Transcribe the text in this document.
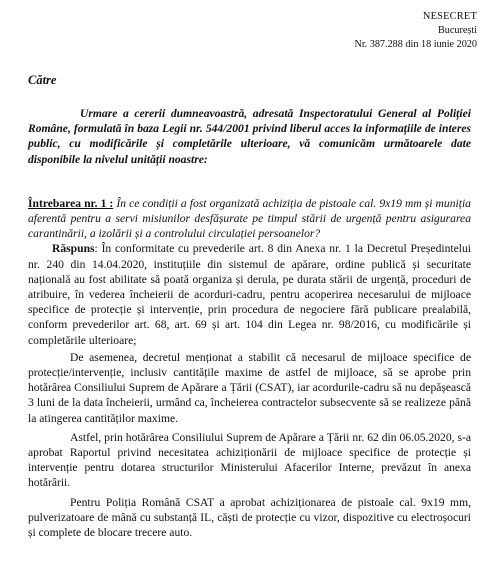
NESECRET
București
Nr. 387.288 din 18 iunie 2020
Către

Urmare a cererii dumneavoastră, adresată Inspectoratului General al Poliției Române, formulată în baza Legii nr. 544/2001 privind liberul acces la informațiile de interes public, cu modificările și completările ulterioare, vă comunicăm următoarele date disponibile la nivelul unității noastre:

Întrebarea nr. 1 : În ce condiții a fost organizată achiziția de pistoale cal. 9x19 mm și muniția aferentă pentru a servi misiunilor desfășurate pe timpul stării de urgență pentru asigurarea carantinării, a izolării și a controlului circulației persoanelor?

Răspuns: În conformitate cu prevederile art. 8 din Anexa nr. 1 la Decretul Președintelui nr. 240 din 14.04.2020, instituțiile din sistemul de apărare, ordine publică și securitate națională au fost abilitate să poată organiza și derula, pe durata stării de urgență, proceduri de atribuire, în vederea încheierii de acorduri-cadru, pentru acoperirea necesarului de mijloace specifice de protecție și intervenție, prin procedura de negociere fără publicare prealabilă, conform prevederilor art. 68, art. 69 și art. 104 din Legea nr. 98/2016, cu modificările și completările ulterioare;

De asemenea, decretul menționat a stabilit că necesarul de mijloace specifice de protecție/intervenție, inclusiv cantitățile maxime de astfel de mijloace, să se aprobe prin hotărârea Consiliului Suprem de Apărare a Țării (CSAT), iar acordurile-cadru să nu depășească 3 luni de la data încheierii, urmând ca, încheierea contractelor subsecvente să se realizeze până la atingerea cantităților maxime.

Astfel, prin hotărârea Consiliului Suprem de Apărare a Țării nr. 62 din 06.05.2020, s-a aprobat Raportul privind necesitatea achiziționării de mijloace specifice de protecție și intervenție pentru dotarea structurilor Ministerului Afacerilor Interne, prevăzut în anexa hotărârii.

Pentru Poliția Română CSAT a aprobat achiziționarea de pistoale cal. 9x19 mm, pulverizatoare de mână cu substanță IL, căști de protecție cu vizor, dispozitive cu electroșocuri și complete de blocare trecere auto.
